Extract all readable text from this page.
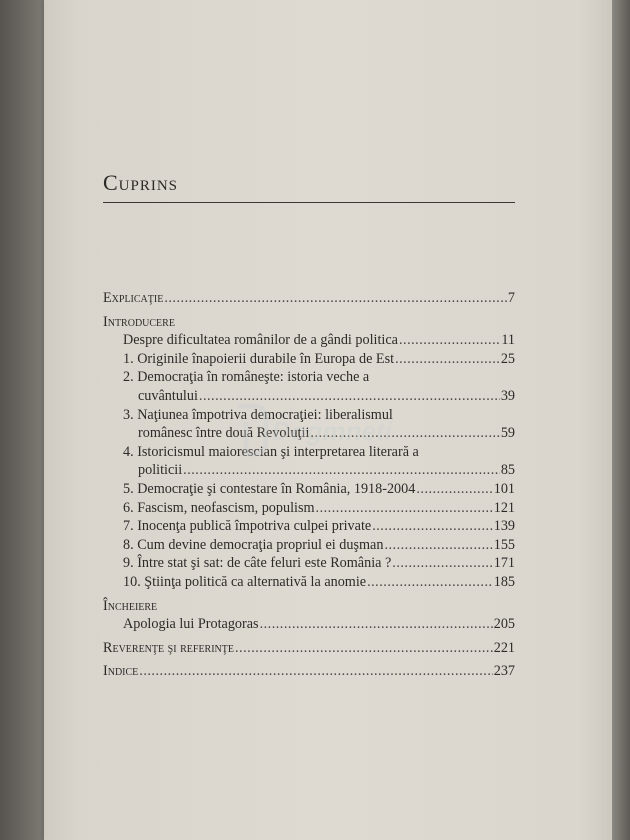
Cuprins
Explicaţie .....	7
Introducere
Despre dificultatea românilor de a gândi politica .....	11
1. Originile înapoierii durabile în Europa de Est .....	25
2. Democraţia în româneşte: istoria veche a
cuvântului .....	39
3. Naţiunea împotriva democraţiei: liberalismul
românesc între două Revoluţii .....	59
4. Istoricismul maiorescian şi interpretarea literară a
politicii .....	85
5. Democraţie şi contestare în România, 1918-2004 .....	101
6. Fascism, neofascism, populism .....	121
7. Inocenţa publică împotriva culpei private .....	139
8. Cum devine democraţia propriul ei duşman .....	155
9. Între stat şi sat: de câte feluri este România ? .....	171
10. Ştiinţa politică ca alternativă la anomie .....	185
Încheiere
Apologia lui Protagoras .....	205
Reverenţe şi referinţe .....	221
Indice .....	237
Dogmneti
